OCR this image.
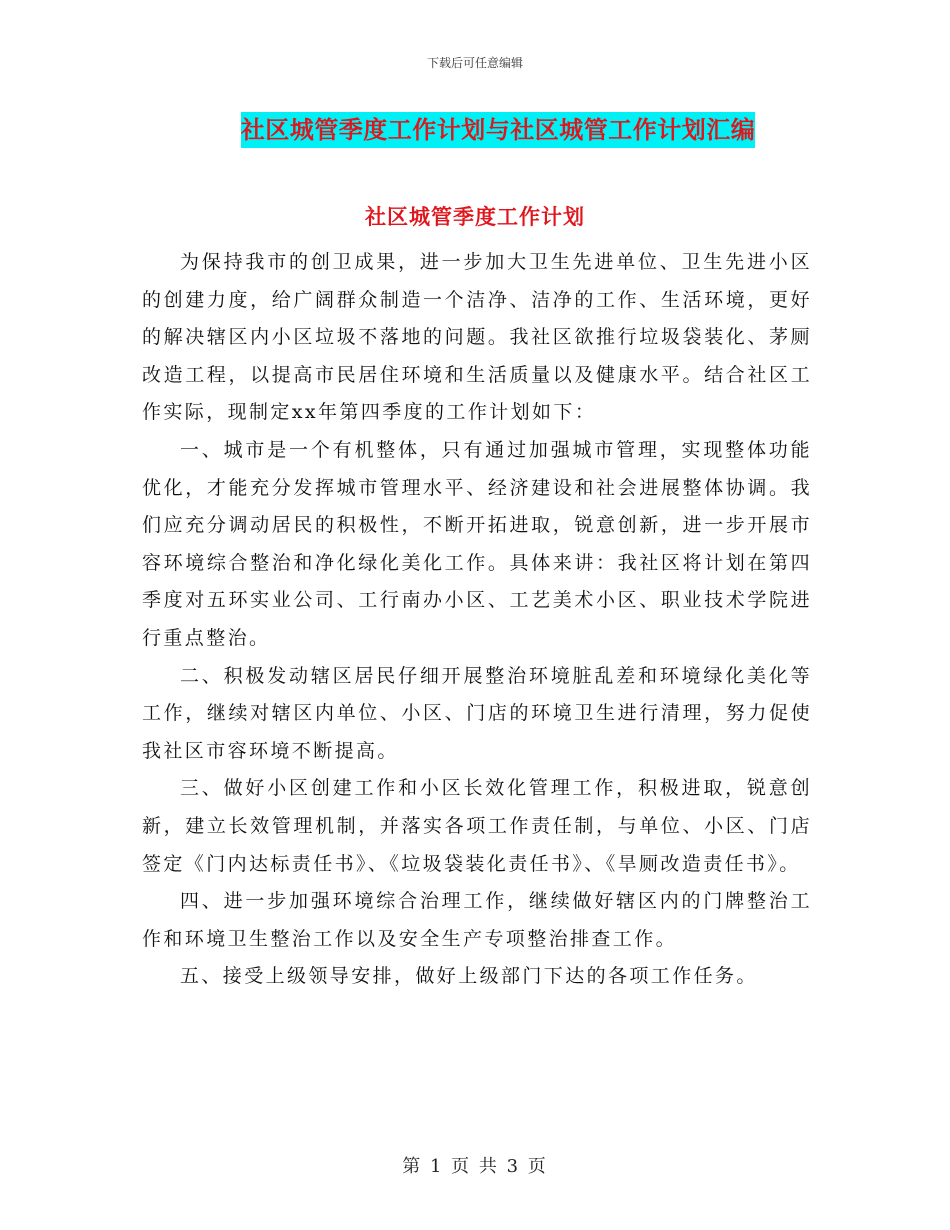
下载后可任意编辑
社区城管季度工作计划与社区城管工作计划汇编
社区城管季度工作计划

为保持我市的创卫成果，进一步加大卫生先进单位、卫生先进小区的创建力度，给广阔群众制造一个洁净、洁净的工作、生活环境，更好的解决辖区内小区垃圾不落地的问题。我社区欲推行垃圾袋装化、茅厕改造工程，以提高市民居住环境和生活质量以及健康水平。结合社区工作实际，现制定xx年第四季度的工作计划如下：

一、城市是一个有机整体，只有通过加强城市管理，实现整体功能优化，才能充分发挥城市管理水平、经济建设和社会进展整体协调。我们应充分调动居民的积极性，不断开拓进取，锐意创新，进一步开展市容环境综合整治和净化绿化美化工作。具体来讲：我社区将计划在第四季度对五环实业公司、工行南办小区、工艺美术小区、职业技术学院进行重点整治。

二、积极发动辖区居民仔细开展整治环境脏乱差和环境绿化美化等工作，继续对辖区内单位、小区、门店的环境卫生进行清理，努力促使我社区市容环境不断提高。

三、做好小区创建工作和小区长效化管理工作，积极进取，锐意创新，建立长效管理机制，并落实各项工作责任制，与单位、小区、门店签定《门内达标责任书》、《垃圾袋装化责任书》、《旱厕改造责任书》。

四、进一步加强环境综合治理工作，继续做好辖区内的门牌整治工作和环境卫生整治工作以及安全生产专项整治排查工作。

五、接受上级领导安排，做好上级部门下达的各项工作任务。

第 1 页 共 3 页
